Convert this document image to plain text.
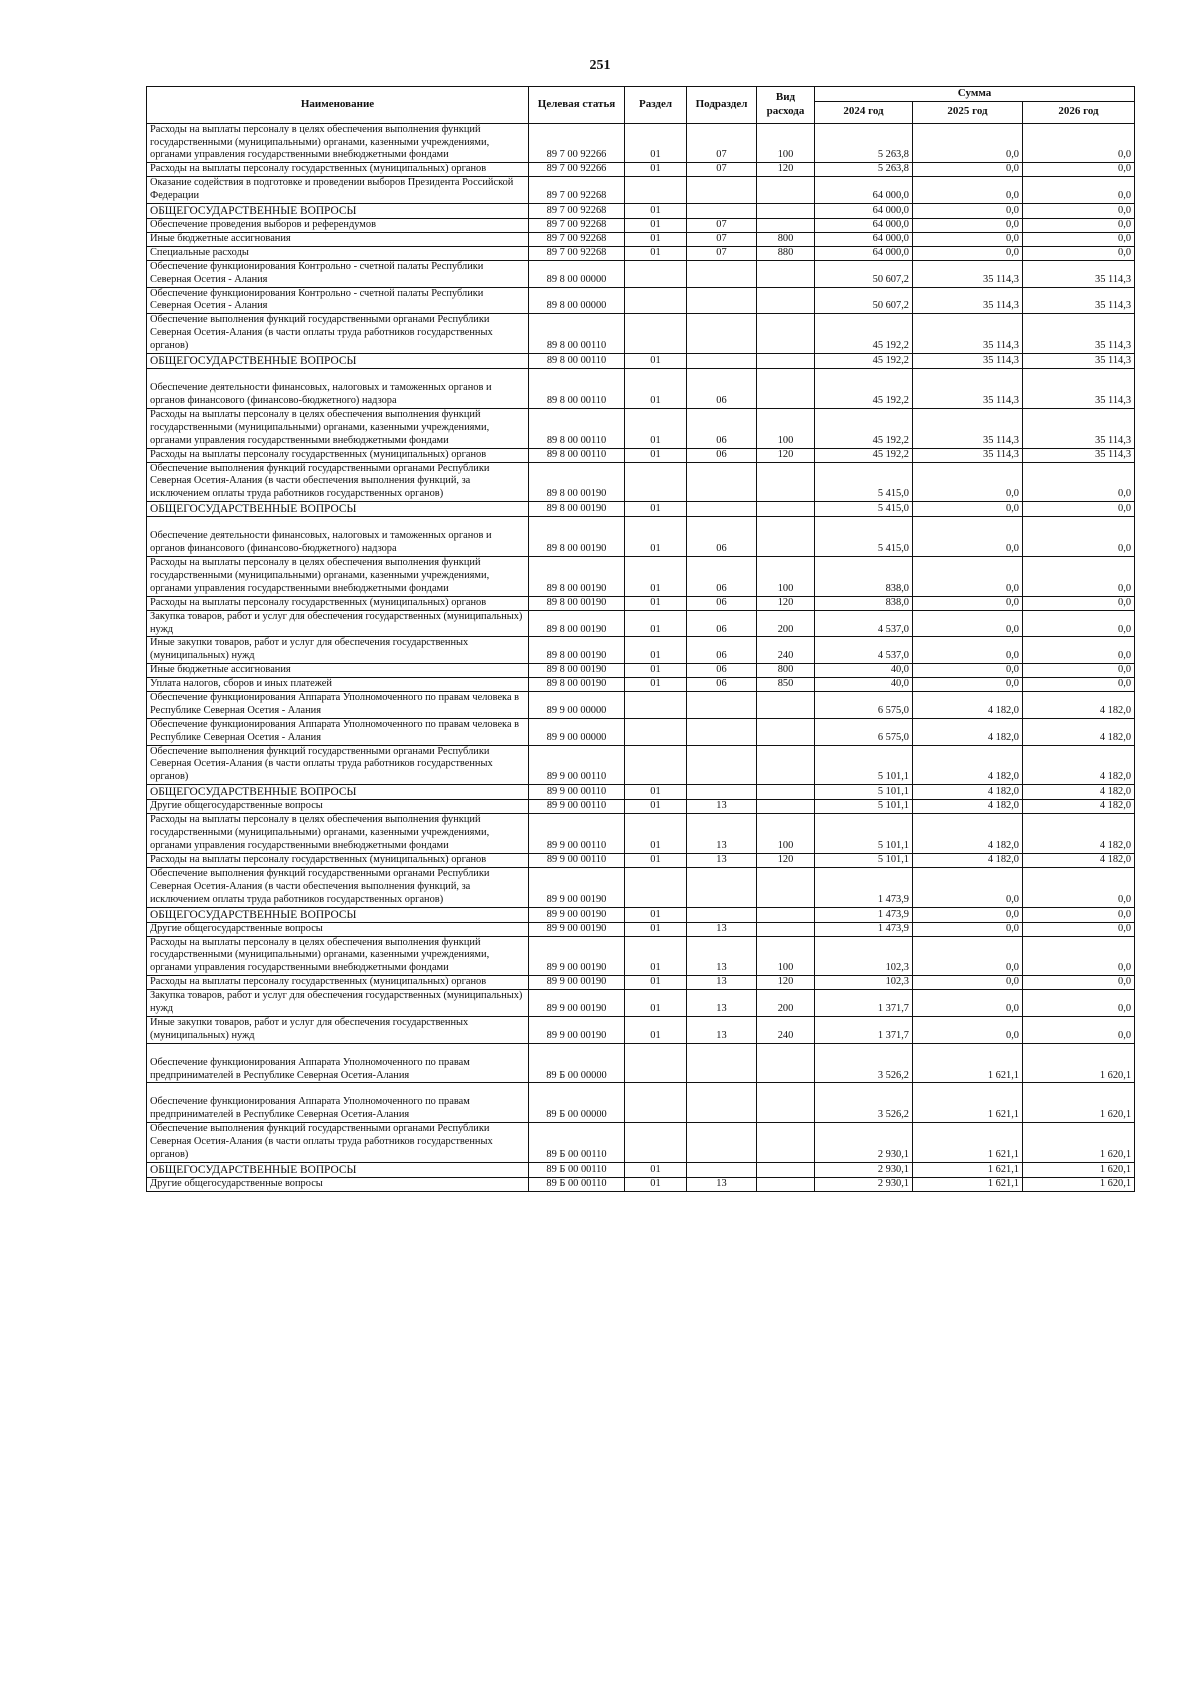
251
Наименование	Целевая статья	Раздел	Подраздел	Вид расхода	Сумма		
					2024 год	2025 год	2026 год
Расходы на выплаты персоналу в целях обеспечения выполнения функций государственными (муниципальными) органами, казенными учреждениями, органами управления государственными внебюджетными фондами	89 7 00 92266	01	07	100	5 263,8	0,0	0,0
Расходы на выплаты персоналу государственных (муниципальных) органов	89 7 00 92266	01	07	120	5 263,8	0,0	0,0
Оказание содействия в подготовке и проведении выборов Президента Российской Федерации	89 7 00 92268				64 000,0	0,0	0,0
ОБЩЕГОСУДАРСТВЕННЫЕ ВОПРОСЫ	89 7 00 92268	01			64 000,0	0,0	0,0
Обеспечение проведения выборов и референдумов	89 7 00 92268	01	07		64 000,0	0,0	0,0
Иные бюджетные ассигнования	89 7 00 92268	01	07	800	64 000,0	0,0	0,0
Специальные расходы	89 7 00 92268	01	07	880	64 000,0	0,0	0,0
Обеспечение функционирования Контрольно - счетной палаты Республики Северная Осетия - Алания	89 8 00 00000				50 607,2	35 114,3	35 114,3
Обеспечение функционирования Контрольно - счетной палаты Республики Северная Осетия - Алания	89 8 00 00000				50 607,2	35 114,3	35 114,3
Обеспечение выполнения функций государственными органами Республики Северная Осетия-Алания (в части оплаты труда работников государственных органов)	89 8 00 00110				45 192,2	35 114,3	35 114,3
ОБЩЕГОСУДАРСТВЕННЫЕ ВОПРОСЫ	89 8 00 00110	01			45 192,2	35 114,3	35 114,3
Обеспечение деятельности финансовых, налоговых и таможенных органов и органов финансового (финансово-бюджетного) надзора	89 8 00 00110	01	06		45 192,2	35 114,3	35 114,3
Расходы на выплаты персоналу в целях обеспечения выполнения функций государственными (муниципальными) органами, казенными учреждениями, органами управления государственными внебюджетными фондами	89 8 00 00110	01	06	100	45 192,2	35 114,3	35 114,3
Расходы на выплаты персоналу государственных (муниципальных) органов	89 8 00 00110	01	06	120	45 192,2	35 114,3	35 114,3
Обеспечение выполнения функций государственными органами Республики Северная Осетия-Алания (в части обеспечения выполнения функций, за исключением оплаты труда работников государственных органов)	89 8 00 00190				5 415,0	0,0	0,0
ОБЩЕГОСУДАРСТВЕННЫЕ ВОПРОСЫ	89 8 00 00190	01			5 415,0	0,0	0,0
Обеспечение деятельности финансовых, налоговых и таможенных органов и органов финансового (финансово-бюджетного) надзора	89 8 00 00190	01	06		5 415,0	0,0	0,0
Расходы на выплаты персоналу в целях обеспечения выполнения функций государственными (муниципальными) органами, казенными учреждениями, органами управления государственными внебюджетными фондами	89 8 00 00190	01	06	100	838,0	0,0	0,0
Расходы на выплаты персоналу государственных (муниципальных) органов	89 8 00 00190	01	06	120	838,0	0,0	0,0
Закупка товаров, работ и услуг для обеспечения государственных (муниципальных) нужд	89 8 00 00190	01	06	200	4 537,0	0,0	0,0
Иные закупки товаров, работ и услуг для обеспечения государственных (муниципальных) нужд	89 8 00 00190	01	06	240	4 537,0	0,0	0,0
Иные бюджетные ассигнования	89 8 00 00190	01	06	800	40,0	0,0	0,0
Уплата налогов, сборов и иных платежей	89 8 00 00190	01	06	850	40,0	0,0	0,0
Обеспечение функционирования Аппарата Уполномоченного по правам человека в Республике Северная Осетия - Алания	89 9 00 00000				6 575,0	4 182,0	4 182,0
Обеспечение функционирования Аппарата Уполномоченного по правам человека в Республике Северная Осетия - Алания	89 9 00 00000				6 575,0	4 182,0	4 182,0
Обеспечение выполнения функций государственными органами Республики Северная Осетия-Алания (в части оплаты труда работников государственных органов)	89 9 00 00110				5 101,1	4 182,0	4 182,0
ОБЩЕГОСУДАРСТВЕННЫЕ ВОПРОСЫ	89 9 00 00110	01			5 101,1	4 182,0	4 182,0
Другие общегосударственные вопросы	89 9 00 00110	01	13		5 101,1	4 182,0	4 182,0
Расходы на выплаты персоналу в целях обеспечения выполнения функций государственными (муниципальными) органами, казенными учреждениями, органами управления государственными внебюджетными фондами	89 9 00 00110	01	13	100	5 101,1	4 182,0	4 182,0
Расходы на выплаты персоналу государственных (муниципальных) органов	89 9 00 00110	01	13	120	5 101,1	4 182,0	4 182,0
Обеспечение выполнения функций государственными органами Республики Северная Осетия-Алания (в части обеспечения выполнения функций, за исключением оплаты труда работников государственных органов)	89 9 00 00190				1 473,9	0,0	0,0
ОБЩЕГОСУДАРСТВЕННЫЕ ВОПРОСЫ	89 9 00 00190	01			1 473,9	0,0	0,0
Другие общегосударственные вопросы	89 9 00 00190	01	13		1 473,9	0,0	0,0
Расходы на выплаты персоналу в целях обеспечения выполнения функций государственными (муниципальными) органами, казенными учреждениями, органами управления государственными внебюджетными фондами	89 9 00 00190	01	13	100	102,3	0,0	0,0
Расходы на выплаты персоналу государственных (муниципальных) органов	89 9 00 00190	01	13	120	102,3	0,0	0,0
Закупка товаров, работ и услуг для обеспечения государственных (муниципальных) нужд	89 9 00 00190	01	13	200	1 371,7	0,0	0,0
Иные закупки товаров, работ и услуг для обеспечения государственных (муниципальных) нужд	89 9 00 00190	01	13	240	1 371,7	0,0	0,0
Обеспечение функционирования Аппарата Уполномоченного по правам предпринимателей в Республике Северная Осетия-Алания	89 Б 00 00000				3 526,2	1 621,1	1 620,1
Обеспечение функционирования Аппарата Уполномоченного по правам предпринимателей в Республике Северная Осетия-Алания	89 Б 00 00000				3 526,2	1 621,1	1 620,1
Обеспечение выполнения функций государственными органами Республики Северная Осетия-Алания (в части оплаты труда работников государственных органов)	89 Б 00 00110				2 930,1	1 621,1	1 620,1
ОБЩЕГОСУДАРСТВЕННЫЕ ВОПРОСЫ	89 Б 00 00110	01			2 930,1	1 621,1	1 620,1
Другие общегосударственные вопросы	89 Б 00 00110	01	13		2 930,1	1 621,1	1 620,1
